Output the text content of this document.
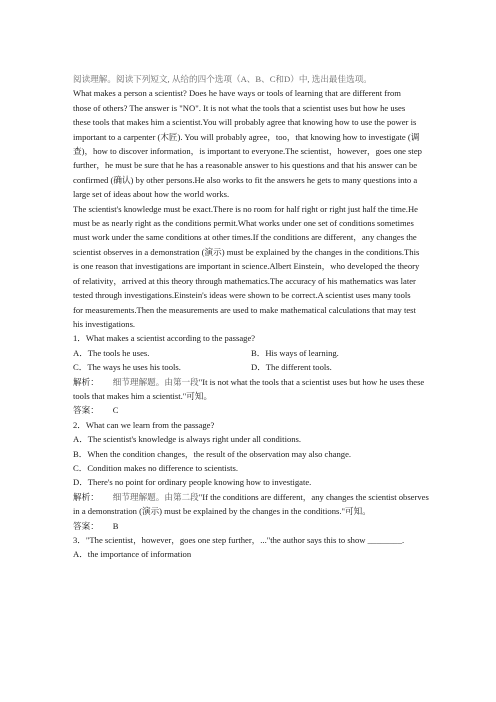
阅读理解。阅读下列短文, 从给的四个选项（A、B、C和D）中, 选出最佳选项。
What makes a person a scientist? Does he have ways or tools of learning that are different from
those of others? The answer is "NO". It is not what the tools that a scientist uses but how he uses
these tools that makes him a scientist.You will probably agree that knowing how to use the power is
important to a carpenter (木匠). You will probably agree，too，that knowing how to investigate (调
查)，how to discover information，is important to everyone.The scientist，however，goes one step
further，he must be sure that he has a reasonable answer to his questions and that his answer can be
confirmed (确认) by other persons.He also works to fit the answers he gets to many questions into a
large set of ideas about how the world works.
The scientist's knowledge must be exact.There is no room for half right or right just half the time.He
must be as nearly right as the conditions permit.What works under one set of conditions sometimes
must work under the same conditions at other times.If the conditions are different，any changes the
scientist observes in a demonstration (演示) must be explained by the changes in the conditions.This
is one reason that investigations are important in science.Albert Einstein，who developed the theory
of relativity，arrived at this theory through mathematics.The accuracy of his mathematics was later
tested through investigations.Einstein's ideas were shown to be correct.A scientist uses many tools
for measurements.Then the measurements are used to make mathematical calculations that may test
his investigations.
1．What makes a scientist according to the passage?
A．The tools he uses.	B．His ways of learning.
C．The ways he uses his tools.	D．The different tools.
解析： 细节理解题。由第一段"It is not what the tools that a scientist uses but how he uses these
tools that makes him a scientist."可知。
答案： C
2．What can we learn from the passage?
A．The scientist's knowledge is always right under all conditions.
B．When the condition changes，the result of the observation may also change.
C．Condition makes no difference to scientists.
D．There's no point for ordinary people knowing how to investigate.
解析： 细节理解题。由第二段"If the conditions are different，any changes the scientist observes
in a demonstration (演示) must be explained by the changes in the conditions."可知。
答案： B
3．"The scientist，however，goes one step further，..."the author says this to show ________.
A．the importance of information
